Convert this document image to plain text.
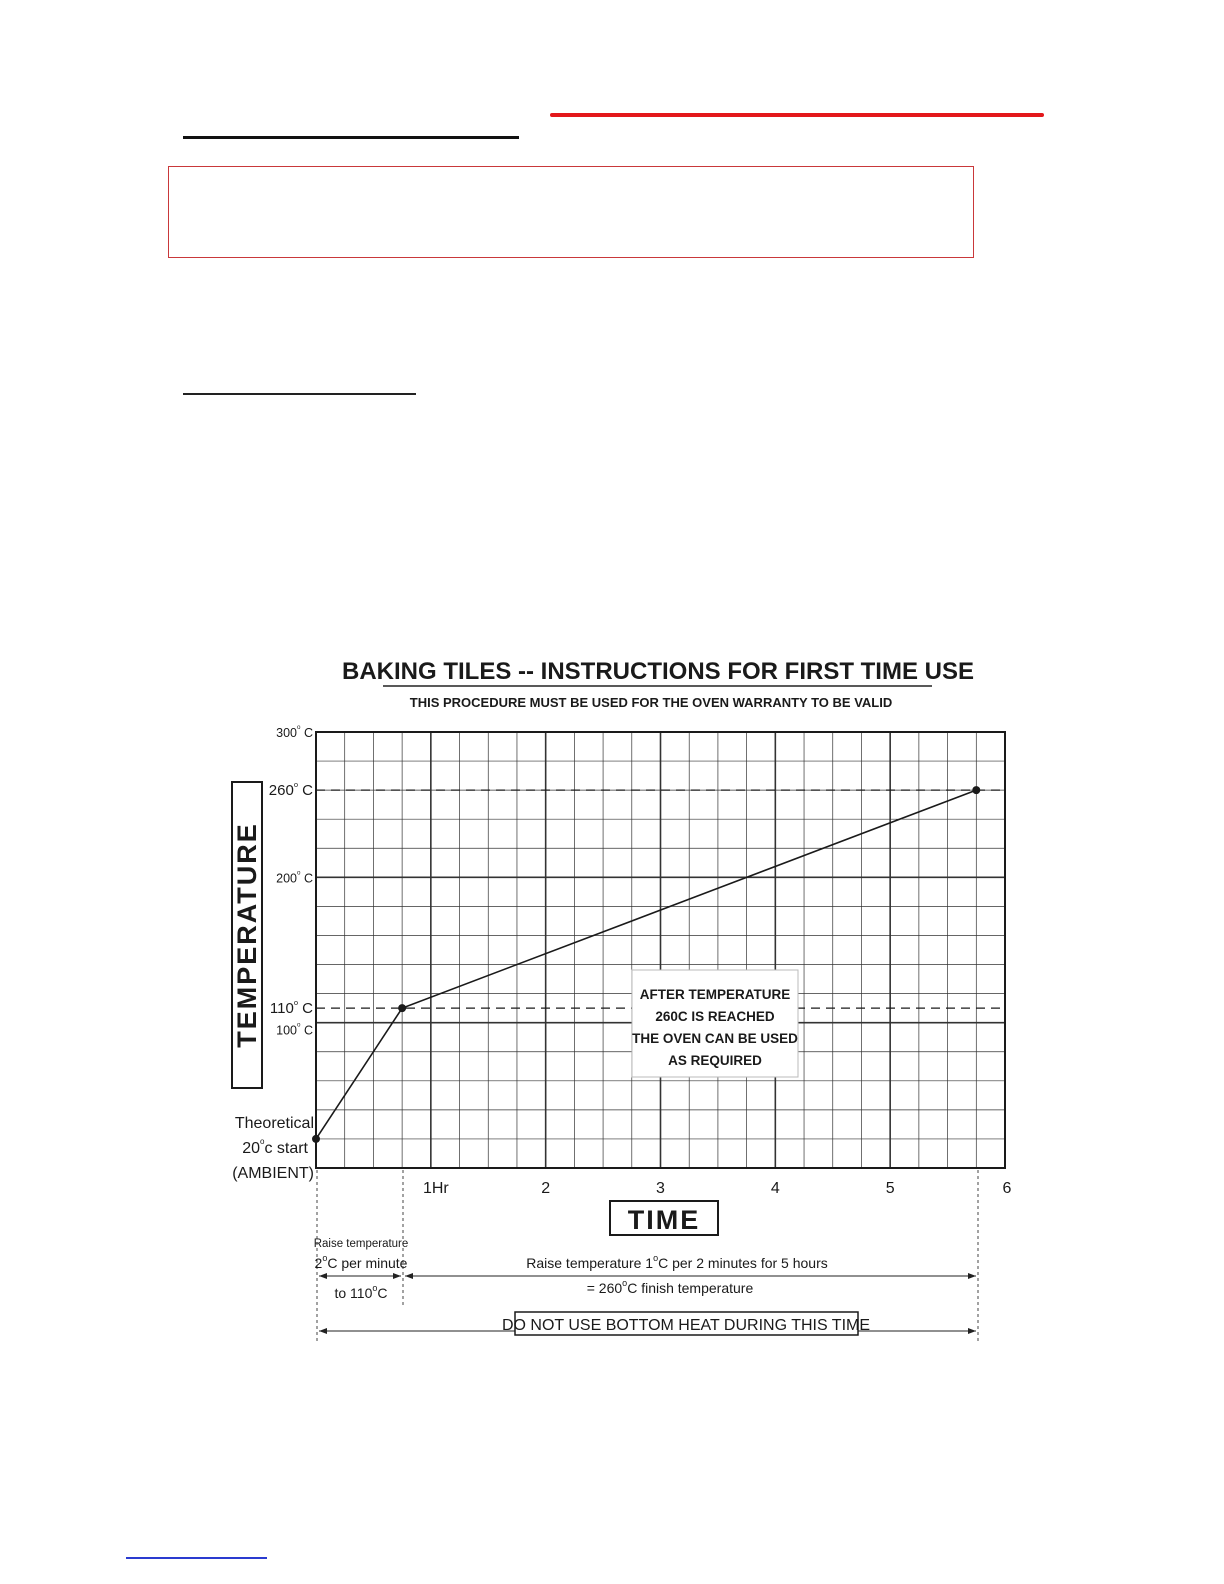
BAKING TILES -- INSTRUCTIONS FOR FIRST TIME USE
THIS PROCEDURE MUST BE USED FOR THE OVEN WARRANTY TO BE VALID
TEMPERATURE
300$^o$ C
260$^o$ C
200$^o$ C
110$^o$ C
100$^o$ C
1Hr	2	3	4	5	6
TIME
Theoretical
20$^o$c start
(AMBIENT)
AFTER TEMPERATURE
260C IS REACHED
THE OVEN CAN BE USED
AS REQUIRED
Raise temperature
2$^o$C per minute
to 110$^o$C
Raise temperature 1$^o$C per 2 minutes for 5 hours
= $260^oC$ finish temperature
DO NOT USE BOTTOM HEAT DURING THIS TIME
